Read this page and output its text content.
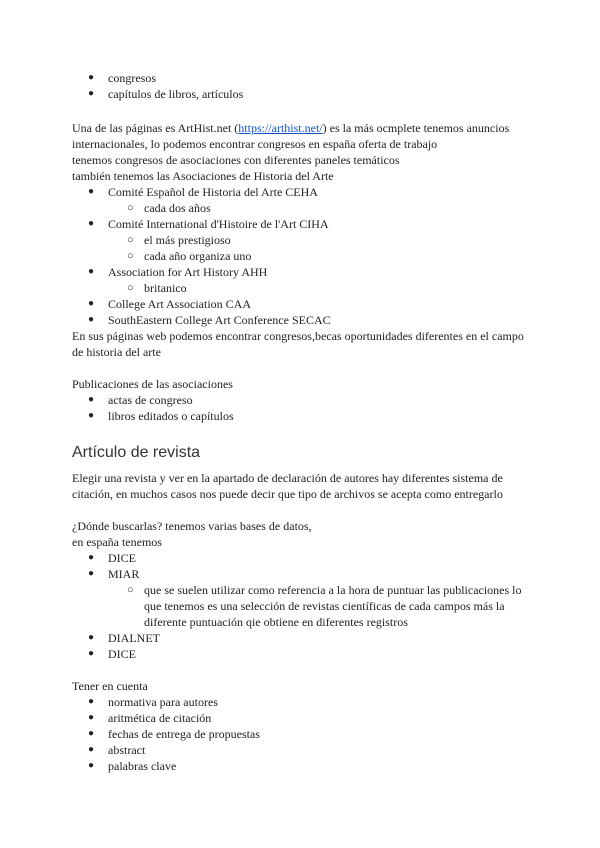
● congresos
● capítulos de libros, artículos

Una de las páginas es ArtHist.net (https://arthist.net/) es la más ocmplete tenemos anuncios internacionales, lo podemos encontrar congresos en españa oferta de trabajo

tenemos congresos de asociaciones con diferentes paneles temáticos

también tenemos las Asociaciones de Historia del Arte

● Comité Español de Historia del Arte CEHA
○ cada dos años
● Comité International d'Histoire de l'Art CIHA
○ el más prestigioso
○ cada año organiza uno
● Association for Art History AHH
○ britanico
● College Art Association CAA
● SouthEastern College Art Conference SECAC

En sus páginas web podemos encontrar congresos,becas oportunidades diferentes en el campo de historia del arte

Publicaciones de las asociaciones

● actas de congreso
● libros editados o capítulos
Artículo de revista

Elegir una revista y ver en la apartado de declaración de autores hay diferentes sistema de citación, en muchos casos nos puede decir que tipo de archivos se acepta como entregarlo

¿Dónde buscarlas? tenemos varias bases de datos,

en españa tenemos

● DICE
● MIAR
○ que se suelen utilizar como referencia a la hora de puntuar las publicaciones lo que tenemos es una selección de revistas científicas de cada campos más la diferente puntuación qie obtiene en diferentes registros
● DIALNET
● DICE

Tener en cuenta

● normativa para autores
● aritmética de citación
● fechas de entrega de propuestas
● abstract
● palabras clave
